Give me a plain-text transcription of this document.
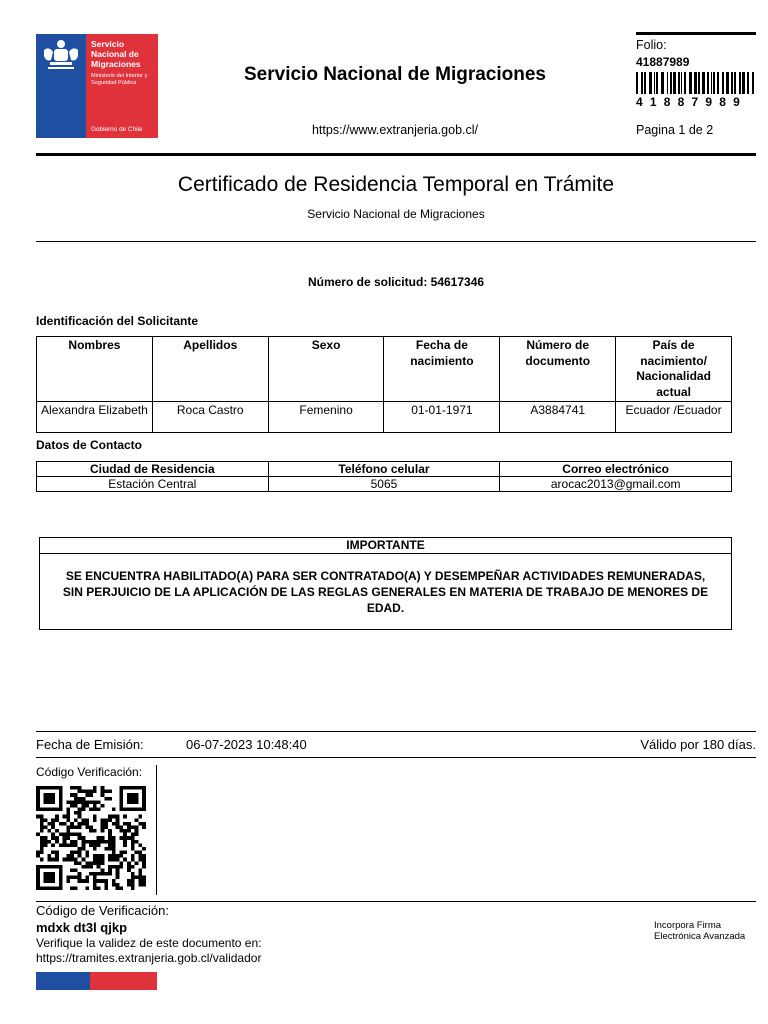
Servicio Nacional de Migraciones
Ministerio del Interior y Seguridad Pública
Gobierno de Chile
Servicio Nacional de Migraciones
https://www.extranjeria.gob.cl/
Folio:
41887989
41887989
Pagina 1 de 2
Certificado de Residencia Temporal en Trámite
Servicio Nacional de Migraciones
Número de solicitud: 54617346
Identificación del Solicitante
Nombres	Apellidos	Sexo	Fecha de nacimiento	Número de documento	País de nacimiento/ Nacionalidad actual
Alexandra Elizabeth	Roca Castro	Femenino	01-01-1971	A3884741	Ecuador /Ecuador
Datos de Contacto
Ciudad de Residencia	Teléfono celular	Correo electrónico
Estación Central	5065	arocac2013@gmail.com
IMPORTANTE
SE ENCUENTRA HABILITADO(A) PARA SER CONTRATADO(A) Y DESEMPEÑAR ACTIVIDADES REMUNERADAS, SIN PERJUICIO DE LA APLICACIÓN DE LAS REGLAS GENERALES EN MATERIA DE TRABAJO DE MENORES DE EDAD.
Fecha de Emisión:	06-07-2023 10:48:40	Válido por 180 días.
Código Verificación:
Código de Verificación:
mdxk dt3l qjkp
Verifique la validez de este documento en:
https://tramites.extranjeria.gob.cl/validador
Incorpora Firma
Electrónica Avanzada
